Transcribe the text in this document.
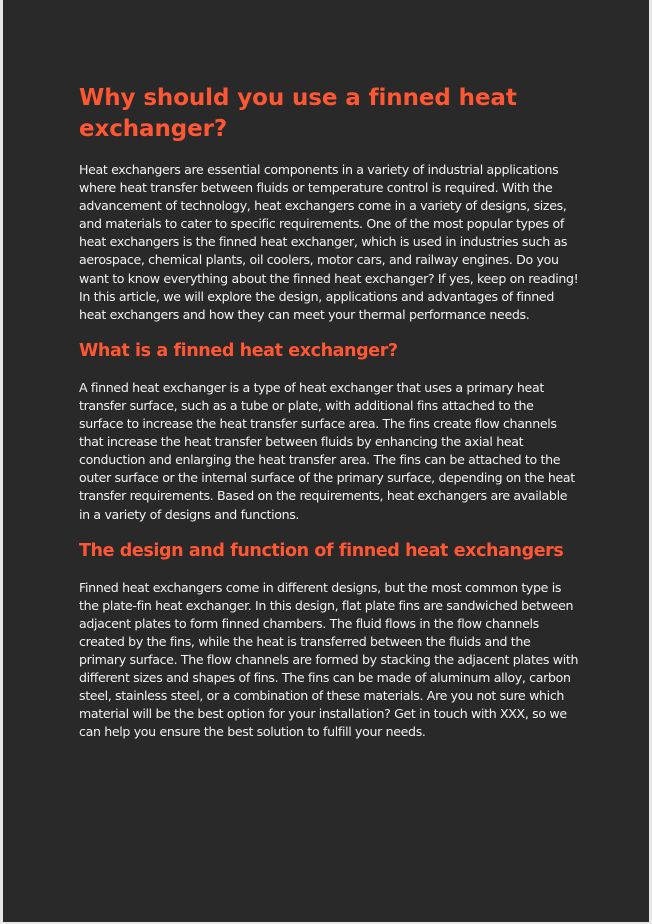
Why should you use a finned heat exchanger?

Heat exchangers are essential components in a variety of industrial applications where heat transfer between fluids or temperature control is required. With the advancement of technology, heat exchangers come in a variety of designs, sizes, and materials to cater to specific requirements. One of the most popular types of heat exchangers is the finned heat exchanger, which is used in industries such as aerospace, chemical plants, oil coolers, motor cars, and railway engines. Do you want to know everything about the finned heat exchanger? If yes, keep on reading! In this article, we will explore the design, applications and advantages of finned heat exchangers and how they can meet your thermal performance needs.

What is a finned heat exchanger?

A finned heat exchanger is a type of heat exchanger that uses a primary heat transfer surface, such as a tube or plate, with additional fins attached to the surface to increase the heat transfer surface area. The fins create flow channels that increase the heat transfer between fluids by enhancing the axial heat conduction and enlarging the heat transfer area. The fins can be attached to the outer surface or the internal surface of the primary surface, depending on the heat transfer requirements. Based on the requirements, heat exchangers are available in a variety of designs and functions.

The design and function of finned heat exchangers

Finned heat exchangers come in different designs, but the most common type is the plate-fin heat exchanger. In this design, flat plate fins are sandwiched between adjacent plates to form finned chambers. The fluid flows in the flow channels created by the fins, while the heat is transferred between the fluids and the primary surface. The flow channels are formed by stacking the adjacent plates with different sizes and shapes of fins. The fins can be made of aluminum alloy, carbon steel, stainless steel, or a combination of these materials. Are you not sure which material will be the best option for your installation? Get in touch with XXX, so we can help you ensure the best solution to fulfill your needs.
